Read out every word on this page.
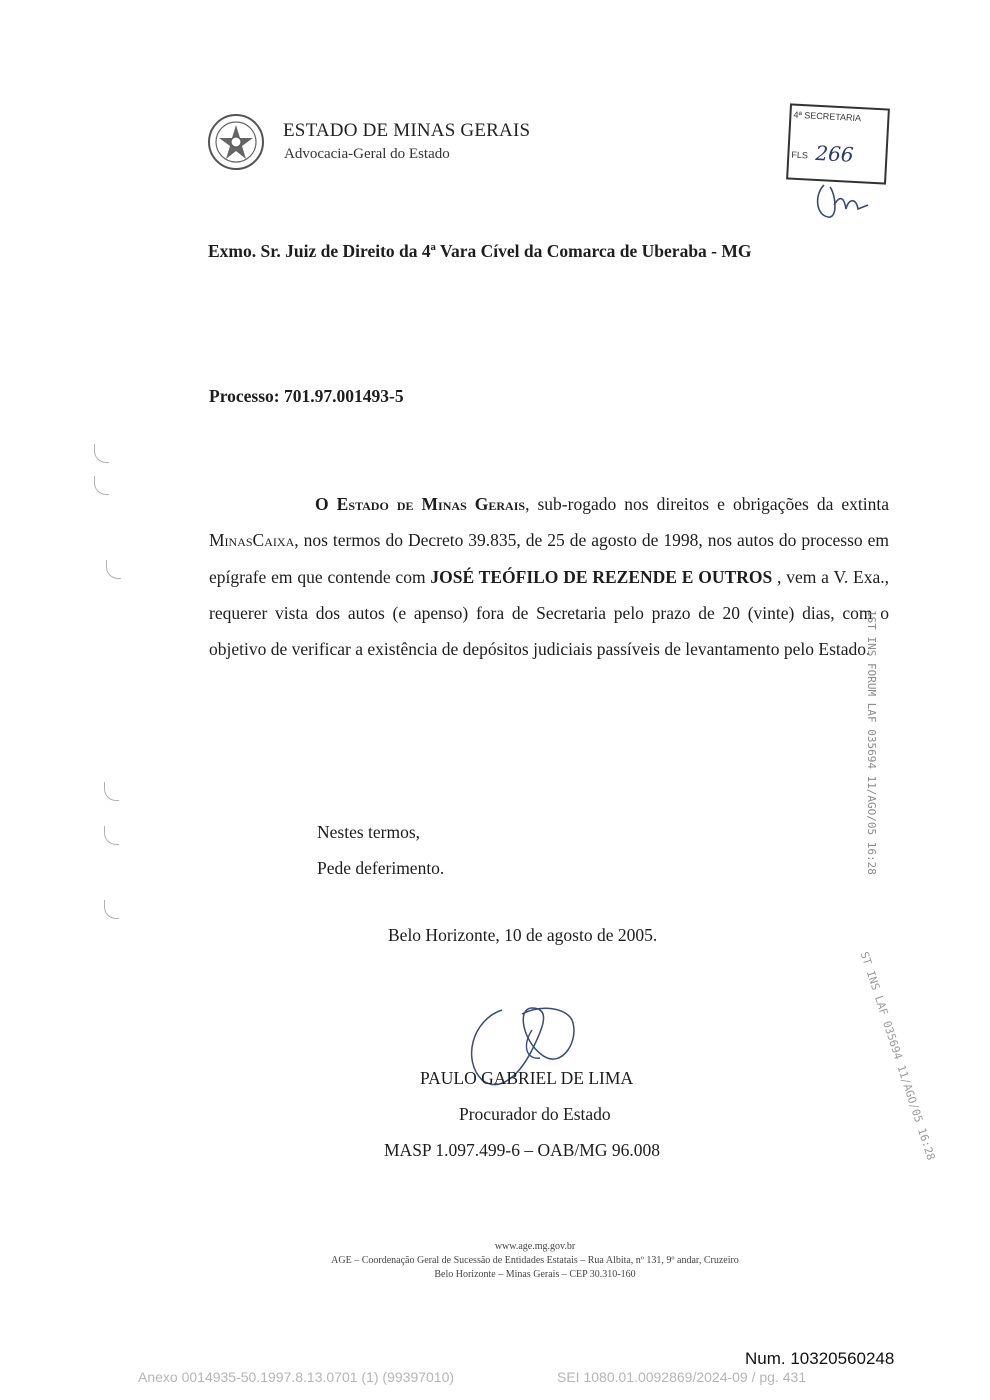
ESTADO DE MINAS GERAIS
Advocacia-Geral do Estado
4ª SECRETARIA
FLS 266
Exmo. Sr. Juiz de Direito da 4ª Vara Cível da Comarca de Uberaba - MG
Processo: 701.97.001493-5
O Estado de Minas Gerais, sub-rogado nos direitos e obrigações da extinta MinasCaixa, nos termos do Decreto 39.835, de 25 de agosto de 1998, nos autos do processo em epígrafe em que contende com JOSÉ TEÓFILO DE REZENDE E OUTROS , vem a V. Exa., requerer vista dos autos (e apenso) fora de Secretaria pelo prazo de 20 (vinte) dias, com o objetivo de verificar a existência de depósitos judiciais passíveis de levantamento pelo Estado.
Nestes termos,
Pede deferimento.
Belo Horizonte, 10 de agosto de 2005.
PAULO GABRIEL DE LIMA
Procurador do Estado
MASP 1.097.499-6 – OAB/MG 96.008
1ST INS FORUM LAF 035694 11/AGO/05 16:28
ST INS LAF 035694 11/AGO/05 16:28
www.age.mg.gov.br
AGE – Coordenação Geral de Sucessão de Entidades Estatais – Rua Albita, nº 131, 9º andar, Cruzeiro
Belo Horizonte – Minas Gerais – CEP 30.310-160
Num. 10320560248
Anexo 0014935-50.1997.8.13.0701 (1) (99397010)	SEI 1080.01.0092869/2024-09 / pg. 431
